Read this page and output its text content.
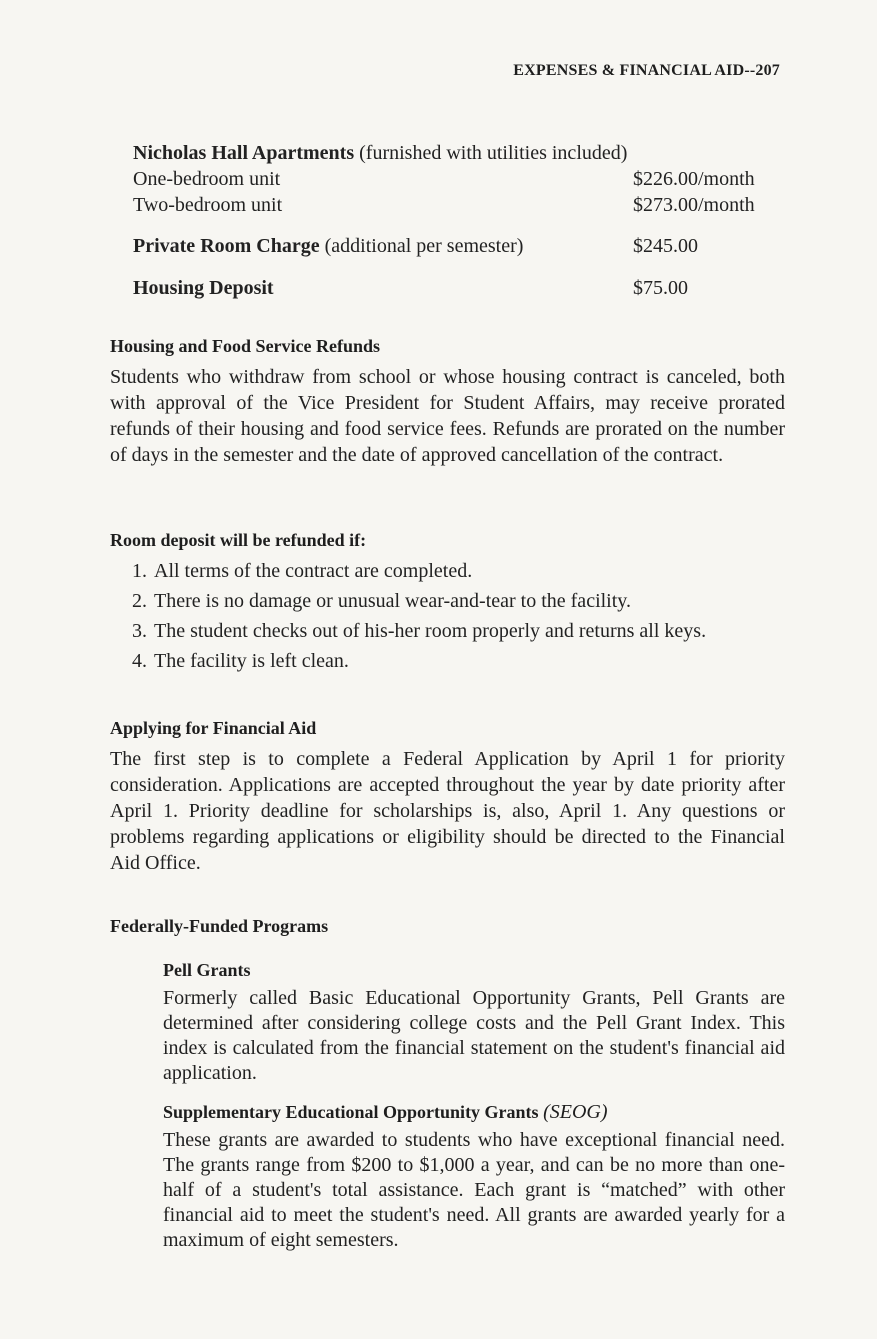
EXPENSES & FINANCIAL AID--207
Nicholas Hall Apartments (furnished with utilities included)
One-bedroom unit	$226.00/month
Two-bedroom unit	$273.00/month
Private Room Charge (additional per semester)	$245.00
Housing Deposit	$75.00
Housing and Food Service Refunds

Students who withdraw from school or whose housing contract is canceled, both with approval of the Vice President for Student Affairs, may receive prorated refunds of their housing and food service fees. Refunds are prorated on the number of days in the semester and the date of approved cancellation of the contract.

Room deposit will be refunded if:
1. All terms of the contract are completed.
2. There is no damage or unusual wear-and-tear to the facility.
3. The student checks out of his-her room properly and returns all keys.
4. The facility is left clean.
Applying for Financial Aid

The first step is to complete a Federal Application by April 1 for priority consideration. Applications are accepted throughout the year by date priority after April 1. Priority deadline for scholarships is, also, April 1. Any questions or problems regarding applications or eligibility should be directed to the Financial Aid Office.

Federally-Funded Programs
Pell Grants

Formerly called Basic Educational Opportunity Grants, Pell Grants are determined after considering college costs and the Pell Grant Index. This index is calculated from the financial statement on the student's financial aid application.

Supplementary Educational Opportunity Grants (SEOG)

These grants are awarded to students who have exceptional financial need. The grants range from $200 to $1,000 a year, and can be no more than one-half of a student's total assistance. Each grant is “matched” with other financial aid to meet the student's need. All grants are awarded yearly for a maximum of eight semesters.
